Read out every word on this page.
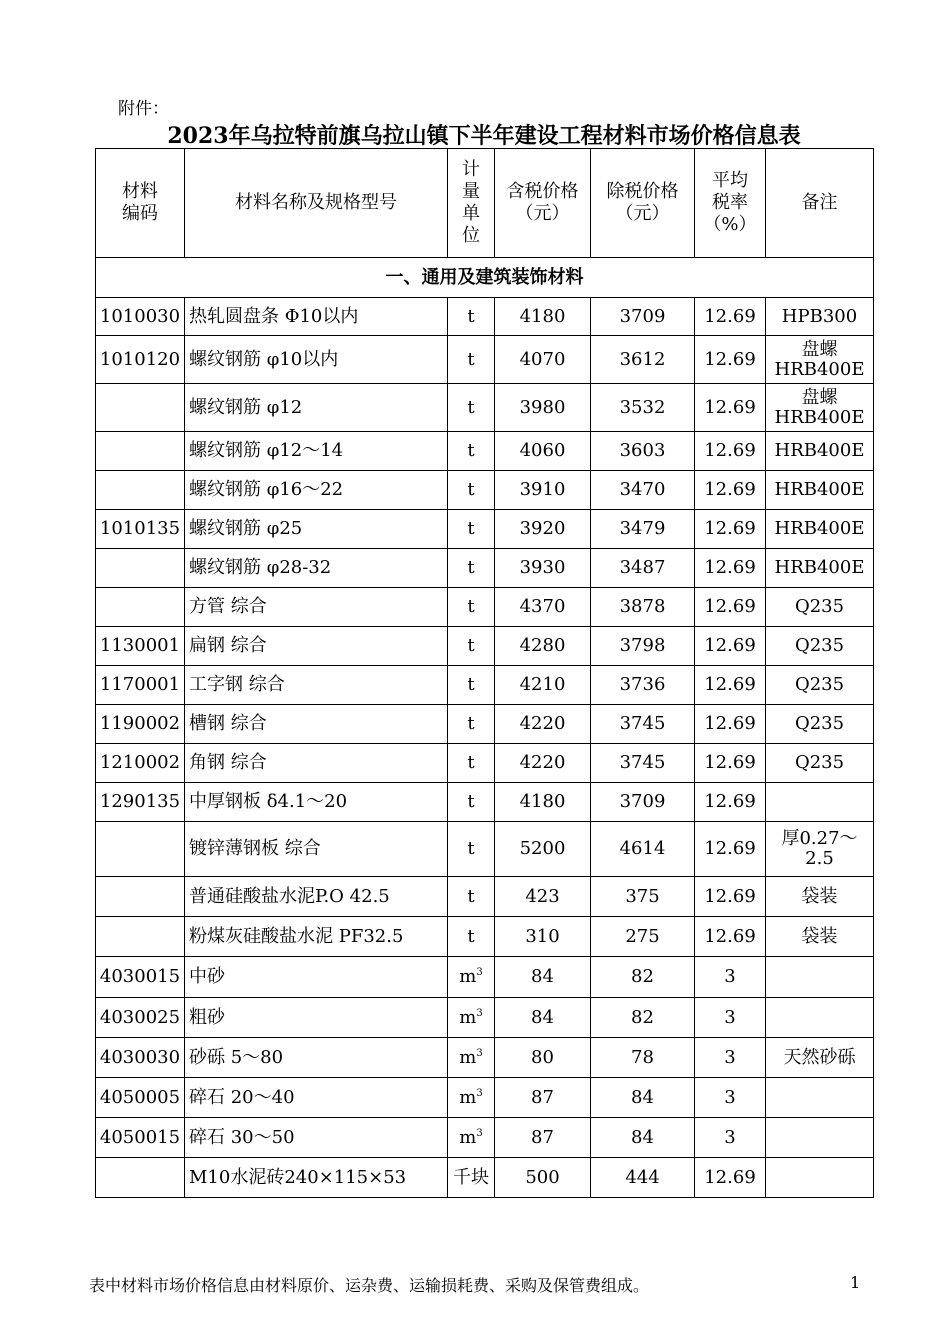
附件：
2023年乌拉特前旗乌拉山镇下半年建设工程材料市场价格信息表
材料
编码	材料名称及规格型号	计
量
单
位	含税价格
（元）	除税价格
（元）	平均
税率
（%）	备注
一、通用及建筑装饰材料						
1010030	热轧圆盘条 Φ10以内	t	4180	3709	12.69	HPB300
1010120	螺纹钢筋 φ10以内	t	4070	3612	12.69	盘螺 HRB400E
	螺纹钢筋 φ12	t	3980	3532	12.69	盘螺 HRB400E
	螺纹钢筋 φ12～14	t	4060	3603	12.69	HRB400E
	螺纹钢筋 φ16～22	t	3910	3470	12.69	HRB400E
1010135	螺纹钢筋 φ25	t	3920	3479	12.69	HRB400E
	螺纹钢筋 φ28-32	t	3930	3487	12.69	HRB400E
	方管 综合	t	4370	3878	12.69	Q235
1130001	扁钢 综合	t	4280	3798	12.69	Q235
1170001	工字钢 综合	t	4210	3736	12.69	Q235
1190002	槽钢 综合	t	4220	3745	12.69	Q235
1210002	角钢 综合	t	4220	3745	12.69	Q235
1290135	中厚钢板 δ4.1～20	t	4180	3709	12.69	
	镀锌薄钢板 综合	t	5200	4614	12.69	厚0.27～ 2.5
	普通硅酸盐水泥P.O 42.5	t	423	375	12.69	袋装
	粉煤灰硅酸盐水泥 PF32.5	t	310	275	12.69	袋装
4030015	中砂	$m^3$	84	82	3	
4030025	粗砂	$m^3$	84	82	3	
4030030	砂砾 5～80	$m^3$	80	78	3	天然砂砾
4050005	碎石 20～40	$m^3$	87	84	3	
4050015	碎石 30～50	$m^3$	87	84	3	
	M10水泥砖240×115×53	千块	500	444	12.69	
表中材料市场价格信息由材料原价、运杂费、运输损耗费、采购及保管费组成。	1
